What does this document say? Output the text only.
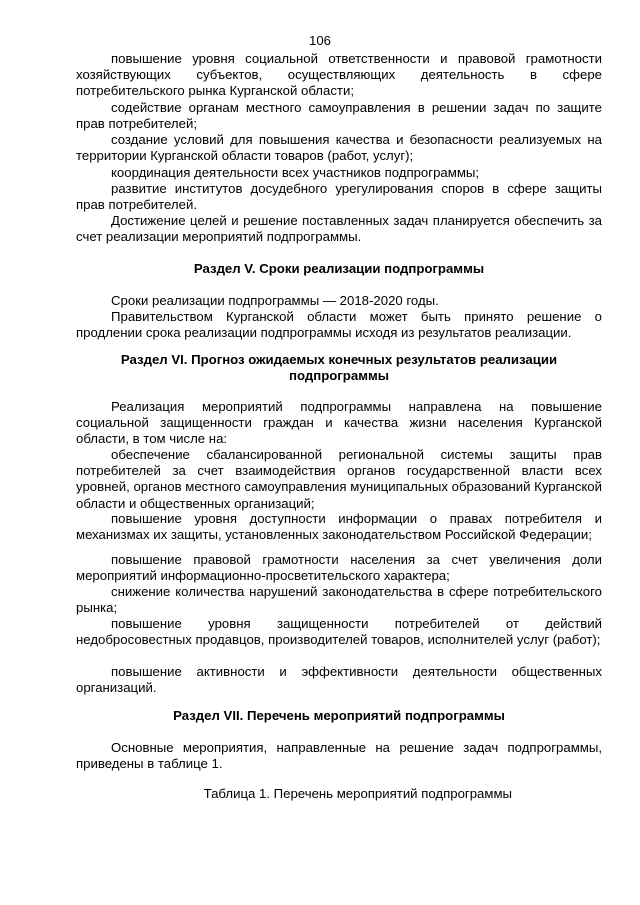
106

повышение уровня социальной ответственности и правовой грамотности хозяйствующих субъектов, осуществляющих деятельность в сфере потребительского рынка Курганской области;

содействие органам местного самоуправления в решении задач по защите прав потребителей;

создание условий для повышения качества и безопасности реализуемых на территории Курганской области товаров (работ, услуг);

координация деятельности всех участников подпрограммы;

развитие институтов досудебного урегулирования споров в сфере защиты прав потребителей.

Достижение целей и решение поставленных задач планируется обеспечить за счет реализации мероприятий подпрограммы.

Раздел V. Сроки реализации подпрограммы

Сроки реализации подпрограммы — 2018-2020 годы.

Правительством Курганской области может быть принято решение о продлении срока реализации подпрограммы исходя из результатов реализации.

Раздел VI. Прогноз ожидаемых конечных результатов реализации
подпрограммы

Реализация мероприятий подпрограммы направлена на повышение социальной защищенности граждан и качества жизни населения Курганской области, в том числе на:

обеспечение сбалансированной региональной системы защиты прав потребителей за счет взаимодействия органов государственной власти всех уровней, органов местного самоуправления муниципальных образований Курганской области и общественных организаций;

повышение уровня доступности информации о правах потребителя и механизмах их защиты, установленных законодательством Российской Федерации;

повышение правовой грамотности населения за счет увеличения доли мероприятий информационно-просветительского характера;

снижение количества нарушений законодательства в сфере потребительского рынка;

повышение уровня защищенности потребителей от действий недобросовестных продавцов, производителей товаров, исполнителей услуг (работ);

повышение активности и эффективности деятельности общественных организаций.

Раздел VII. Перечень мероприятий подпрограммы

Основные мероприятия, направленные на решение задач подпрограммы, приведены в таблице 1.

Таблица 1. Перечень мероприятий подпрограммы
